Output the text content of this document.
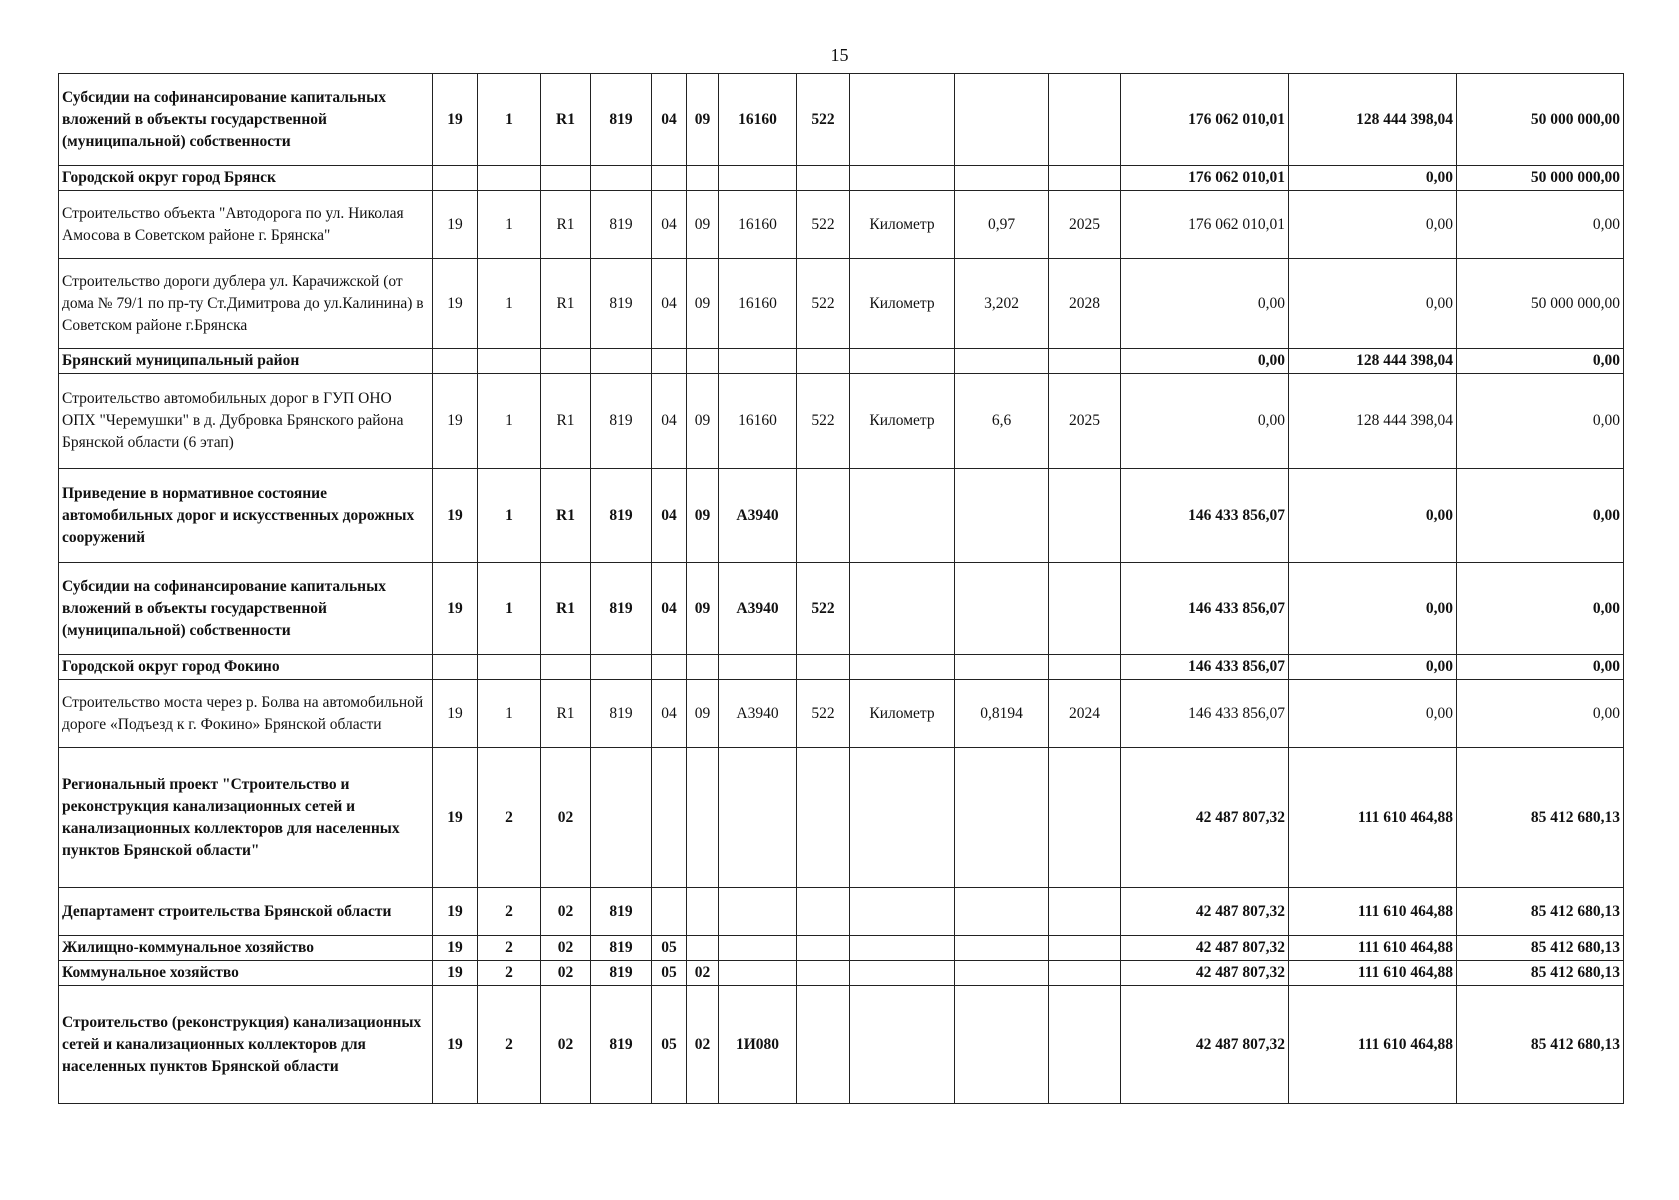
15
Субсидии на софинансирование капитальных вложений в объекты государственной (муниципальной) собственности	19	1	R1	819	04	09	16160	522				176 062 010,01	128 444 398,04	50 000 000,00
Городской округ город Брянск												176 062 010,01	0,00	50 000 000,00
Строительство объекта "Автодорога по ул. Николая Амосова в Советском районе г. Брянска"	19	1	R1	819	04	09	16160	522	Километр	0,97	2025	176 062 010,01	0,00	0,00
Строительство дороги дублера ул. Карачижской (от дома № 79/1 по пр-ту Ст.Димитрова до ул.Калинина) в Советском районе г.Брянска	19	1	R1	819	04	09	16160	522	Километр	3,202	2028	0,00	0,00	50 000 000,00
Брянский муниципальный район												0,00	128 444 398,04	0,00
Строительство автомобильных дорог в ГУП ОНО ОПХ "Черемушки" в д. Дубровка Брянского района Брянской области (6 этап)	19	1	R1	819	04	09	16160	522	Километр	6,6	2025	0,00	128 444 398,04	0,00
Приведение в нормативное состояние автомобильных дорог и искусственных дорожных сооружений	19	1	R1	819	04	09	А3940					146 433 856,07	0,00	0,00
Субсидии на софинансирование капитальных вложений в объекты государственной (муниципальной) собственности	19	1	R1	819	04	09	А3940	522				146 433 856,07	0,00	0,00
Городской округ город Фокино												146 433 856,07	0,00	0,00
Строительство моста через р. Болва на автомобильной дороге «Подъезд к г. Фокино» Брянской области	19	1	R1	819	04	09	А3940	522	Километр	0,8194	2024	146 433 856,07	0,00	0,00
Региональный проект "Строительство и реконструкция канализационных сетей и канализационных коллекторов для населенных пунктов Брянской области"	19	2	02									42 487 807,32	111 610 464,88	85 412 680,13
Департамент строительства Брянской области	19	2	02	819								42 487 807,32	111 610 464,88	85 412 680,13
Жилищно-коммунальное хозяйство	19	2	02	819	05							42 487 807,32	111 610 464,88	85 412 680,13
Коммунальное хозяйство	19	2	02	819	05	02						42 487 807,32	111 610 464,88	85 412 680,13
Строительство (реконструкция) канализационных сетей и канализационных коллекторов для населенных пунктов Брянской области	19	2	02	819	05	02	1И080					42 487 807,32	111 610 464,88	85 412 680,13
